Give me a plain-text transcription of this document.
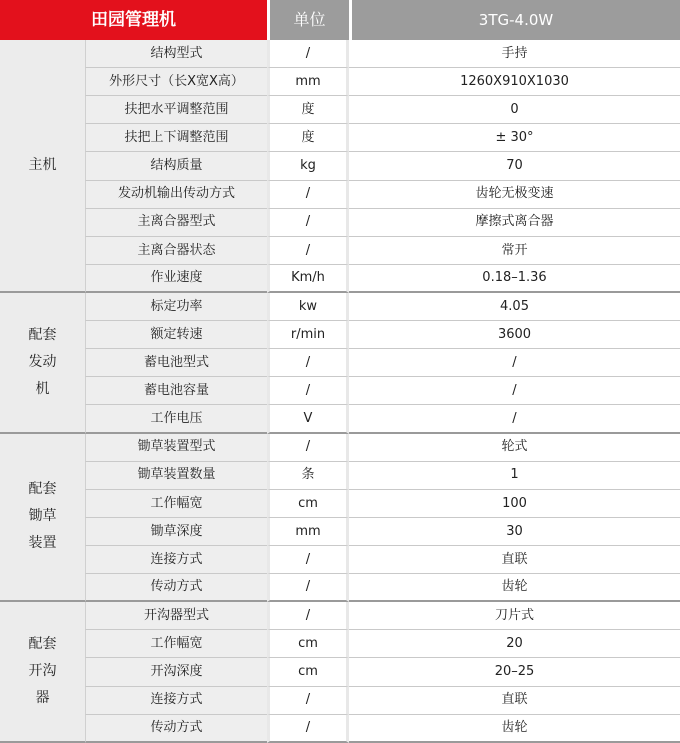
田园管理机	单位	3TG-4.0W
主机
结构型式	/	手持
外形尺寸（长X宽X高）	mm	1260X910X1030
扶把水平调整范围	度	0
扶把上下调整范围	度	± 30°
结构质量	kg	70
发动机输出传动方式	/	齿轮无极变速
主离合器型式	/	摩擦式离合器
主离合器状态	/	常开
作业速度	Km/h	0.18–1.36
配套
发动
机
标定功率	kw	4.05
额定转速	r/min	3600
蓄电池型式	/	/
蓄电池容量	/	/
工作电压	V	/
配套
锄草
装置
锄草装置型式	/	轮式
锄草装置数量	条	1
工作幅宽	cm	100
锄草深度	mm	30
连接方式	/	直联
传动方式	/	齿轮
配套
开沟
器
开沟器型式	/	刀片式
工作幅宽	cm	20
开沟深度	cm	20–25
连接方式	/	直联
传动方式	/	齿轮
